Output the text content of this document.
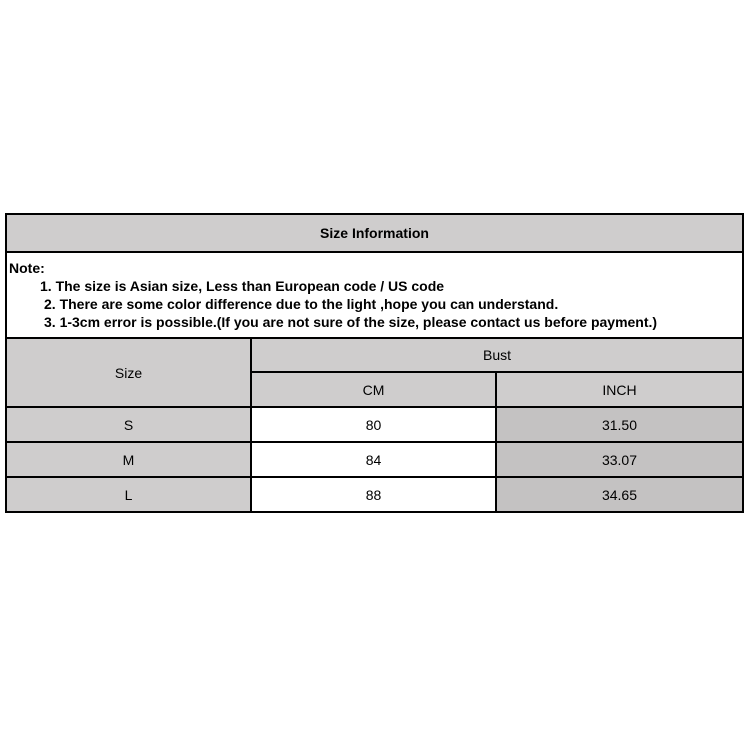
Size Information		

Note:
1. The size is Asian size, Less than European code / US code
2. There are some color difference due to the light ,hope you can understand.
3. 1-3cm error is possible.(If you are not sure of the size, please contact us before payment.)		

Size	Bust	
	CM	INCH
S	80	31.50
M	84	33.07
L	88	34.65
